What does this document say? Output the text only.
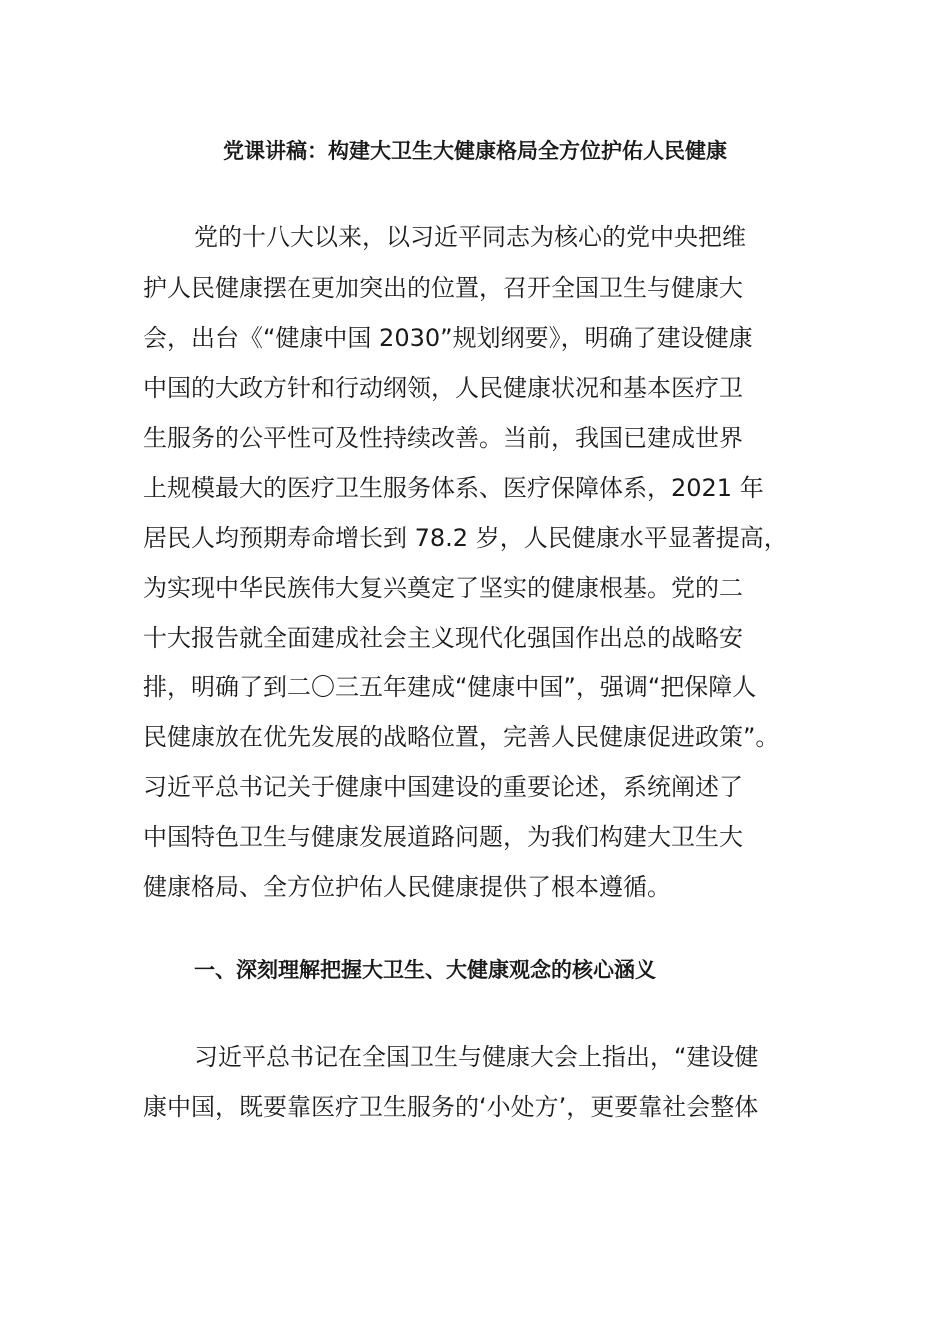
党课讲稿：构建大卫生大健康格局全方位护佑人民健康

党的十八大以来，以习近平同志为核心的党中央把维

护人民健康摆在更加突出的位置，召开全国卫生与健康大

会，出台《“健康中国 2030”规划纲要》，明确了建设健康

中国的大政方针和行动纲领，人民健康状况和基本医疗卫

生服务的公平性可及性持续改善。当前，我国已建成世界

上规模最大的医疗卫生服务体系、医疗保障体系，2021 年

居民人均预期寿命增长到 78.2 岁，人民健康水平显著提高，

为实现中华民族伟大复兴奠定了坚实的健康根基。党的二

十大报告就全面建成社会主义现代化强国作出总的战略安

排，明确了到二〇三五年建成“健康中国”，强调“把保障人

民健康放在优先发展的战略位置，完善人民健康促进政策”。

习近平总书记关于健康中国建设的重要论述，系统阐述了

中国特色卫生与健康发展道路问题，为我们构建大卫生大

健康格局、全方位护佑人民健康提供了根本遵循。

一、深刻理解把握大卫生、大健康观念的核心涵义

习近平总书记在全国卫生与健康大会上指出，“建设健

康中国，既要靠医疗卫生服务的‘小处方’，更要靠社会整体
